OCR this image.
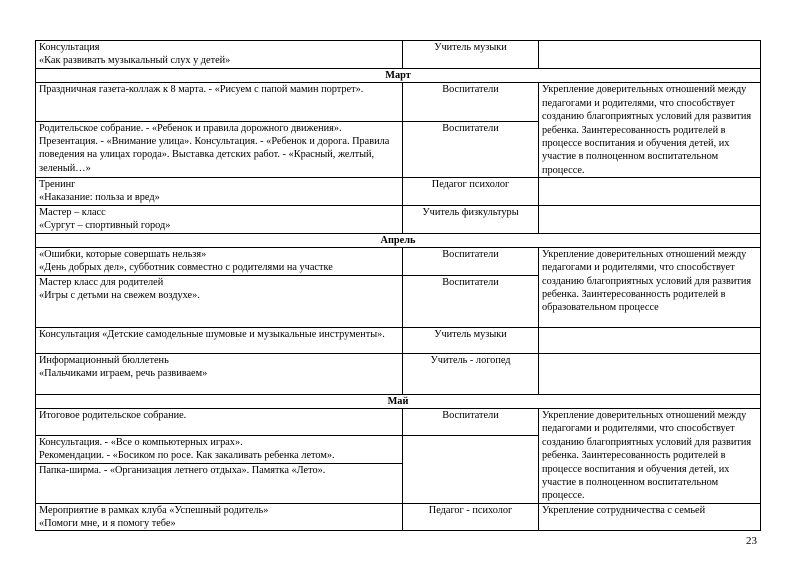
Консультация
«Как развивать музыкальный слух у детей»	Учитель музыки	
Март		
Праздничная газета-коллаж к 8 марта. - «Рисуем с папой мамин портрет».	Воспитатели	Укрепление доверительных отношений между педагогами и родителями, что способствует созданию благоприятных условий для развития ребенка. Заинтересованность родителей в процессе воспитания и обучения детей, их участие в полноценном воспитательном процессе.
Родительское собрание. - «Ребенок и правила дорожного движения». Презентация. - «Внимание улица». Консультация. - «Ребенок и дорога. Правила поведения на улицах города». Выставка детских работ. - «Красный, желтый, зеленый…»	Воспитатели	

Тренинг
«Наказание: польза и вред»	Педагог психолог	

Мастер – класс
«Сургут – спортивный город»	Учитель физкультуры	
Апрель		

«Ошибки, которые совершать нельзя»
«День добрых дел», субботник совместно с родителями на участке	Воспитатели	Укрепление доверительных отношений между педагогами и родителями, что способствует созданию благоприятных условий для развития ребенка. Заинтересованность родителей в образовательном процессе

Мастер класс для родителей
«Игры с детьми на свежем воздухе».	Воспитатели	
Консультация «Детские самодельные шумовые и музыкальные инструменты».	Учитель музыки	

Информационный бюллетень
«Пальчиками играем, речь развиваем»	Учитель - логопед	
Май		
Итоговое родительское собрание.	Воспитатели	Укрепление доверительных отношений между педагогами и родителями, что способствует созданию благоприятных условий для развития ребенка. Заинтересованность родителей в процессе воспитания и обучения детей, их участие в полноценном воспитательном процессе.

Консультация. - «Все о компьютерных играх».
Рекомендации. - «Босиком по росе. Как закаливать ребенка летом».		

Папка-ширма. - «Организация летнего отдыха». Памятка «Лето».		

Мероприятие в рамках клуба «Успешный родитель»
«Помоги мне, и я помогу тебе»	Педагог - психолог	Укрепление сотрудничества с семьей
23
